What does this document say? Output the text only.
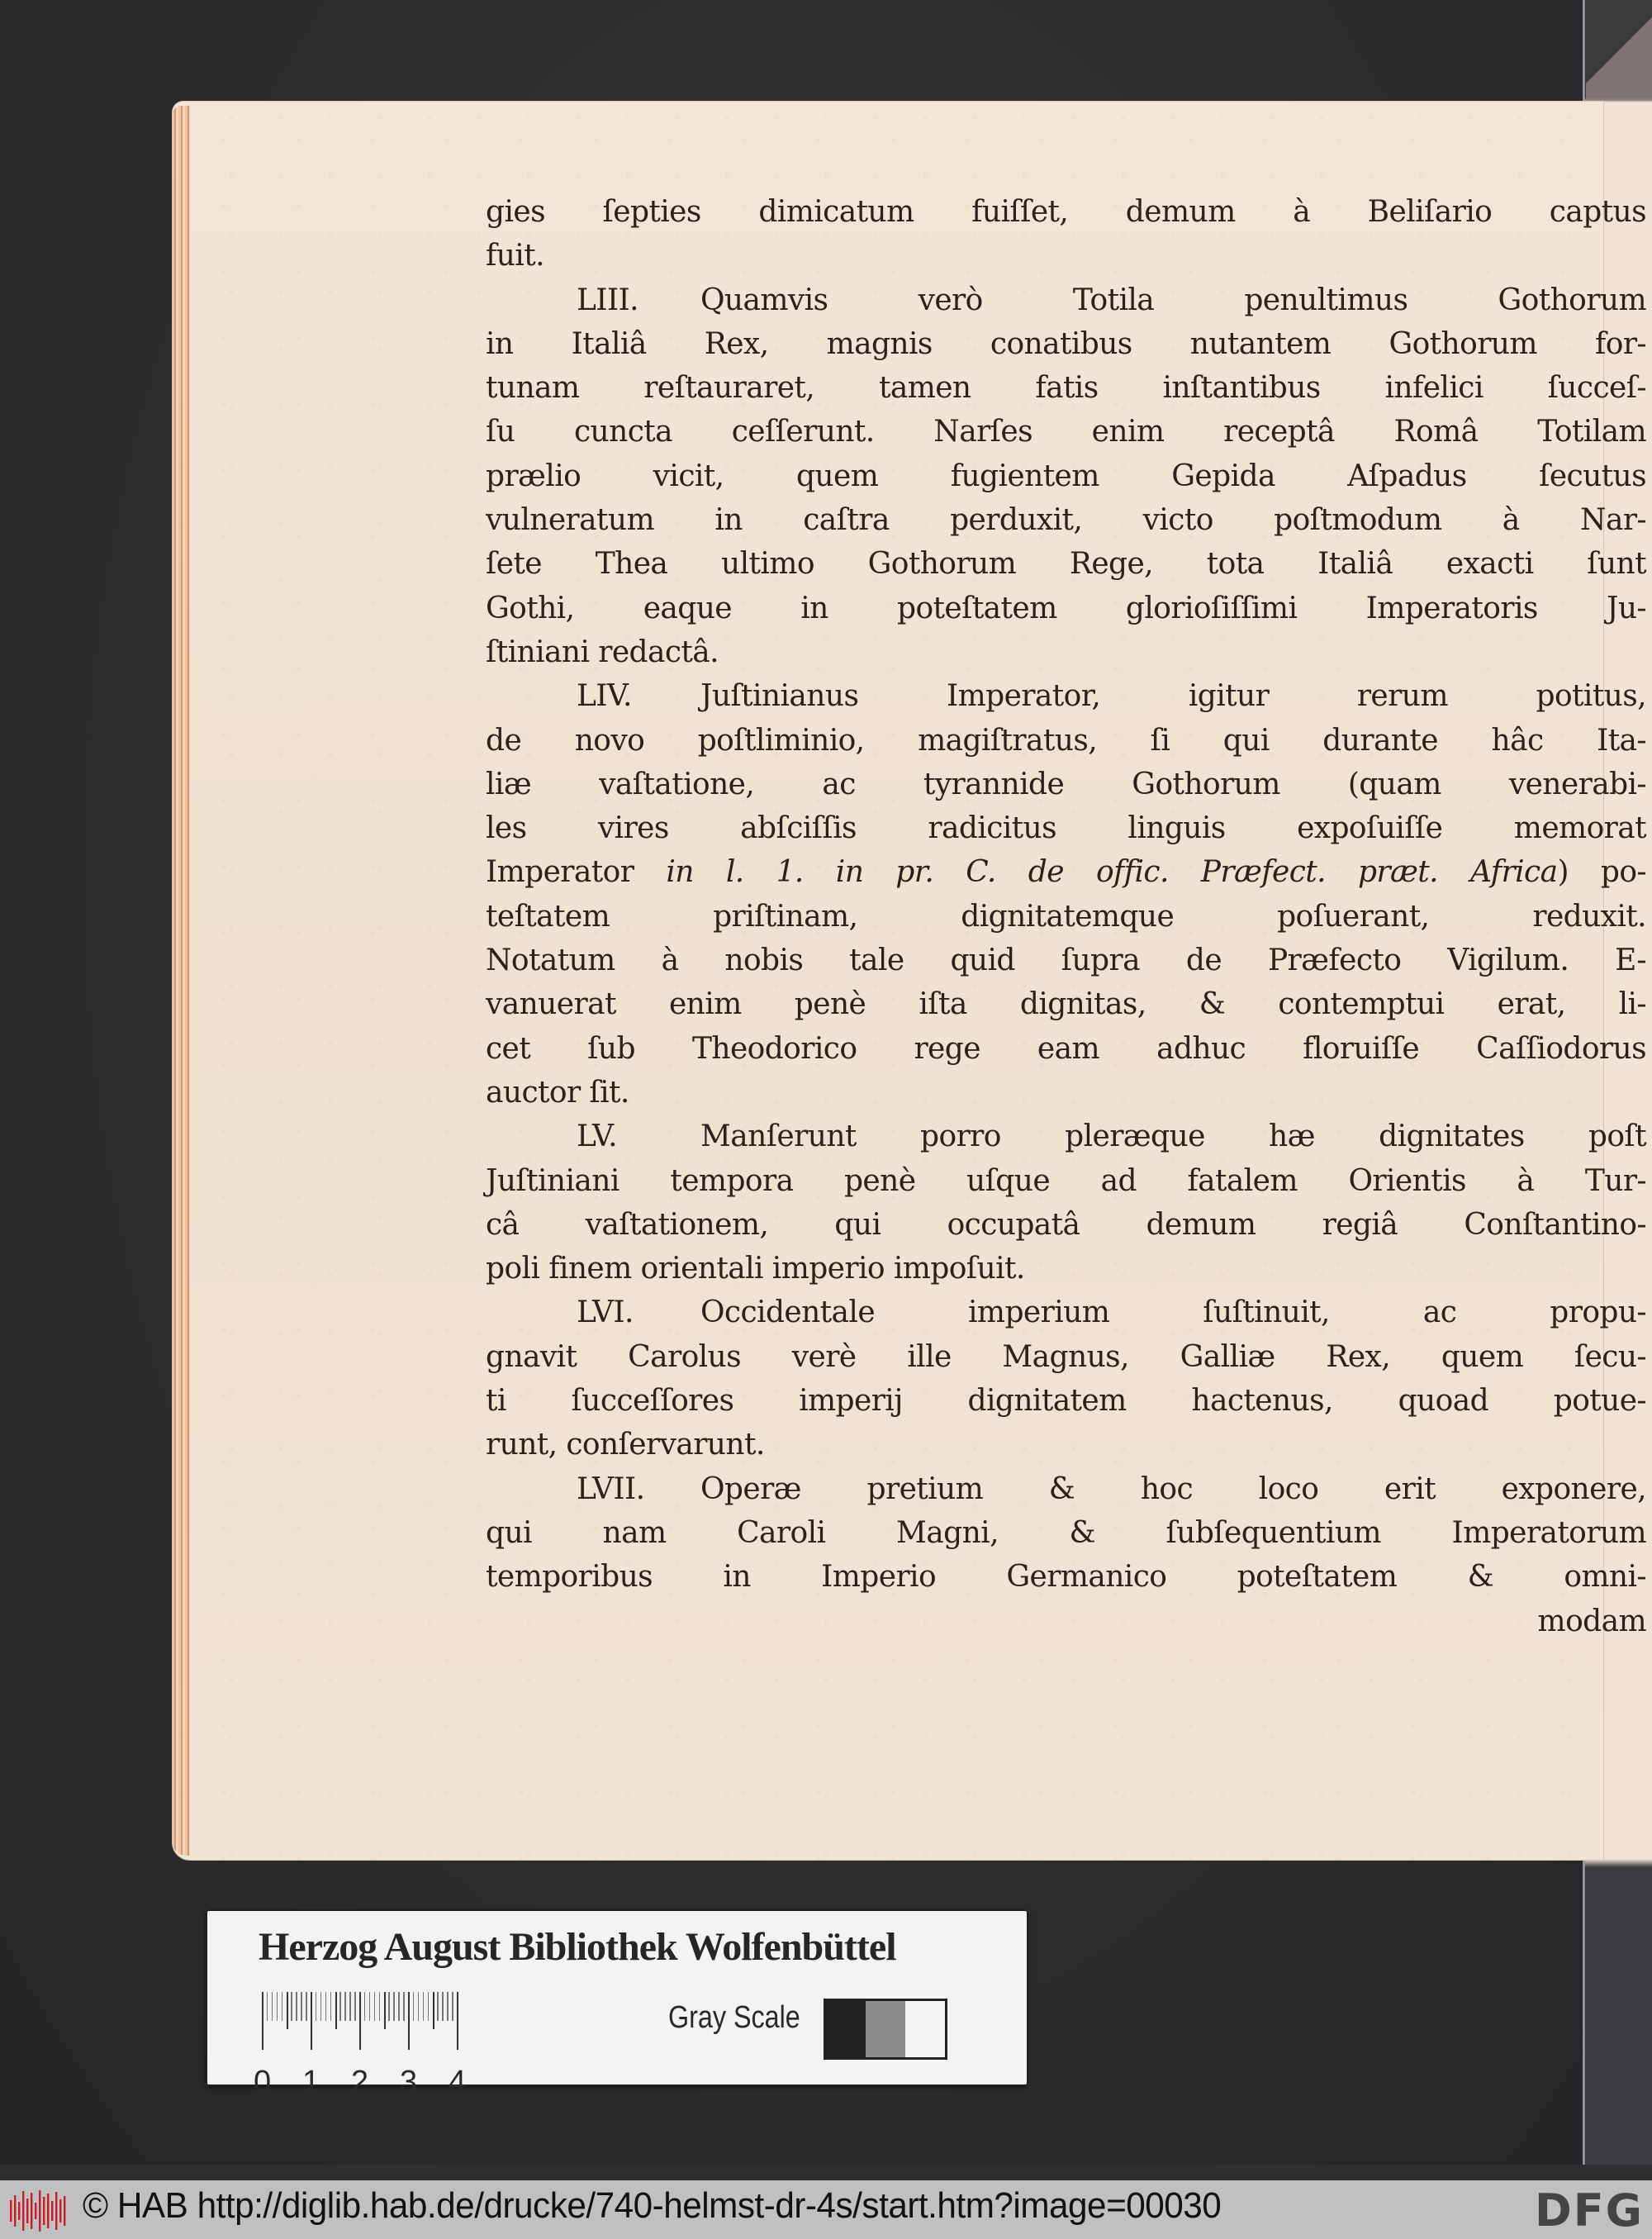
gies ſepties dimicatum fuiſſet, demum à Beliſario captus
fuit.
LIII. Quamvis verò Totila penultimus Gothorum
in Italiâ Rex, magnis conatibus nutantem Gothorum for-
tunam reſtauraret, tamen fatis inſtantibus infelici ſucceſ-
ſu cuncta ceſſerunt. Narſes enim receptâ Româ Totilam
prælio vicit, quem fugientem Gepida Aſpadus ſecutus
vulneratum in caſtra perduxit, victo poſtmodum à Nar-
ſete Thea ultimo Gothorum Rege, tota Italiâ exacti ſunt
Gothi, eaque in poteſtatem glorioſiſſimi Imperatoris Ju-
ſtiniani redactâ.
LIV. Juſtinianus Imperator, igitur rerum potitus,
de novo poſtliminio, magiſtratus, ſi qui durante hâc Ita-
liæ vaſtatione, ac tyrannide Gothorum (quam venerabi-
les vires abſciſſis radicitus linguis expoſuiſſe memorat
Imperator in l. 1. in pr. C. de offic. Præfect. præt. Africa) po-
teſtatem priſtinam, dignitatemque poſuerant, reduxit.
Notatum à nobis tale quid ſupra de Præfecto Vigilum. E-
vanuerat enim penè iſta dignitas, & contemptui erat, li-
cet ſub Theodorico rege eam adhuc floruiſſe Caſſiodorus
auctor ſit.
LV.	Manſerunt porro pleræque hæ dignitates poſt
Juſtiniani tempora penè uſque ad fatalem Orientis à Tur-
câ vaſtationem, qui occupatâ demum regiâ Conſtantino-
poli finem orientali imperio impoſuit.
LVI. Occidentale imperium ſuſtinuit, ac propu-
gnavit Carolus verè ille Magnus, Galliæ Rex, quem ſecu-
ti ſucceſſores imperij dignitatem hactenus, quoad potue-
runt, conſervarunt.
LVII. Operæ pretium & hoc loco erit exponere,
qui nam Caroli Magni, & ſubſequentium Imperatorum
temporibus in Imperio Germanico poteſtatem & omni-
modam
Herzog August Bibliothek Wolfenbüttel
0 1 2 3 4
Gray Scale
© HAB http://diglib.hab.de/drucke/740-helmst-dr-4s/start.htm?image=00030	DFG
